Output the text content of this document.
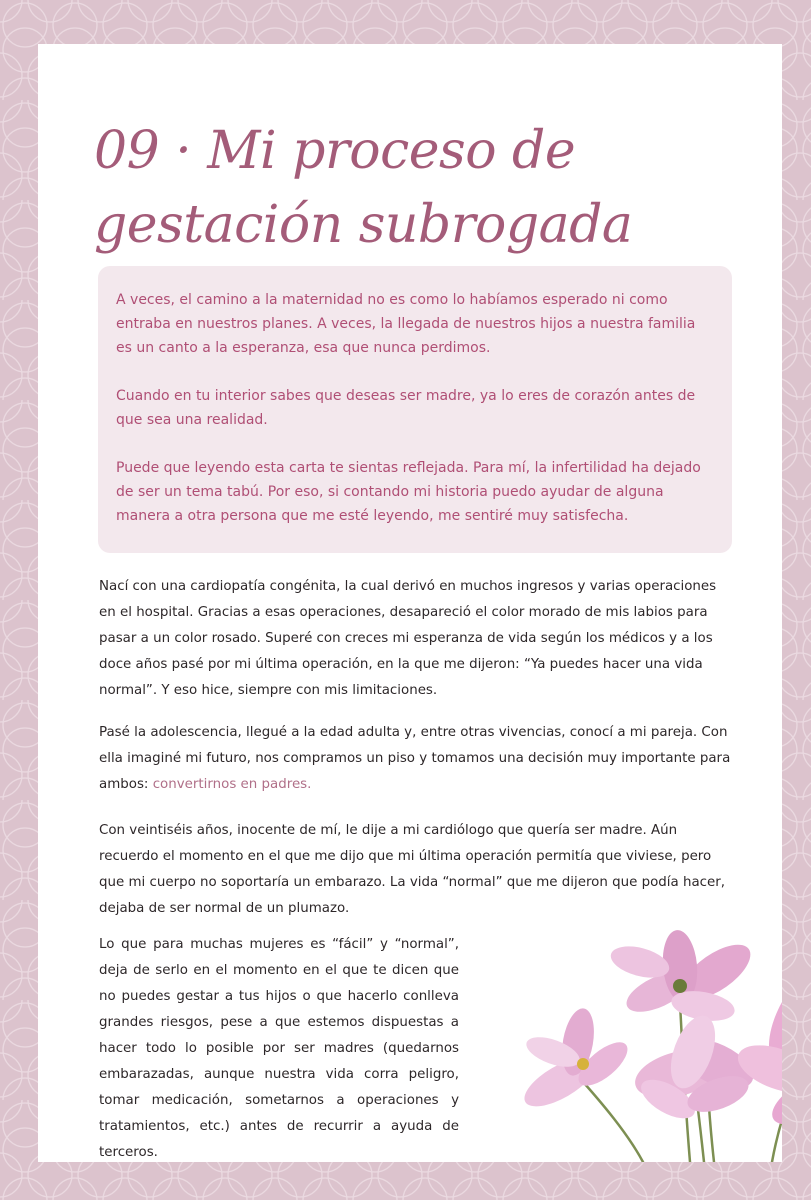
09 · Mi proceso de gestación subrogada

A veces, el camino a la maternidad no es como lo habíamos esperado ni como entraba en nuestros planes. A veces, la llegada de nuestros hijos a nuestra familia es un canto a la esperanza, esa que nunca perdimos.

Cuando en tu interior sabes que deseas ser madre, ya lo eres de corazón antes de que sea una realidad.

Puede que leyendo esta carta te sientas reflejada. Para mí, la infertilidad ha dejado de ser un tema tabú. Por eso, si contando mi historia puedo ayudar de alguna manera a otra persona que me esté leyendo, me sentiré muy satisfecha.

Nací con una cardiopatía congénita, la cual derivó en muchos ingresos y varias operaciones en el hospital. Gracias a esas operaciones, desapareció el color morado de mis labios para pasar a un color rosado. Superé con creces mi esperanza de vida según los médicos y a los doce años pasé por mi última operación, en la que me dijeron: “Ya puedes hacer una vida normal”. Y eso hice, siempre con mis limitaciones.

Pasé la adolescencia, llegué a la edad adulta y, entre otras vivencias, conocí a mi pareja. Con ella imaginé mi futuro, nos compramos un piso y tomamos una decisión muy importante para ambos: convertirnos en padres.

Con veintiséis años, inocente de mí, le dije a mi cardiólogo que quería ser madre. Aún recuerdo el momento en el que me dijo que mi última operación permitía que viviese, pero que mi cuerpo no soportaría un embarazo. La vida “normal” que me dijeron que podía hacer, dejaba de ser normal de un plumazo.

Lo que para muchas mujeres es “fácil” y “normal”, deja de serlo en el momento en el que te dicen que no puedes gestar a tus hijos o que hacerlo conlleva grandes riesgos, pese a que estemos dispuestas a hacer todo lo posible por ser madres (quedarnos embarazadas, aunque nuestra vida corra peligro, tomar medicación, sometarnos a operaciones y tratamientos, etc.) antes de recurrir a ayuda de terceros.
